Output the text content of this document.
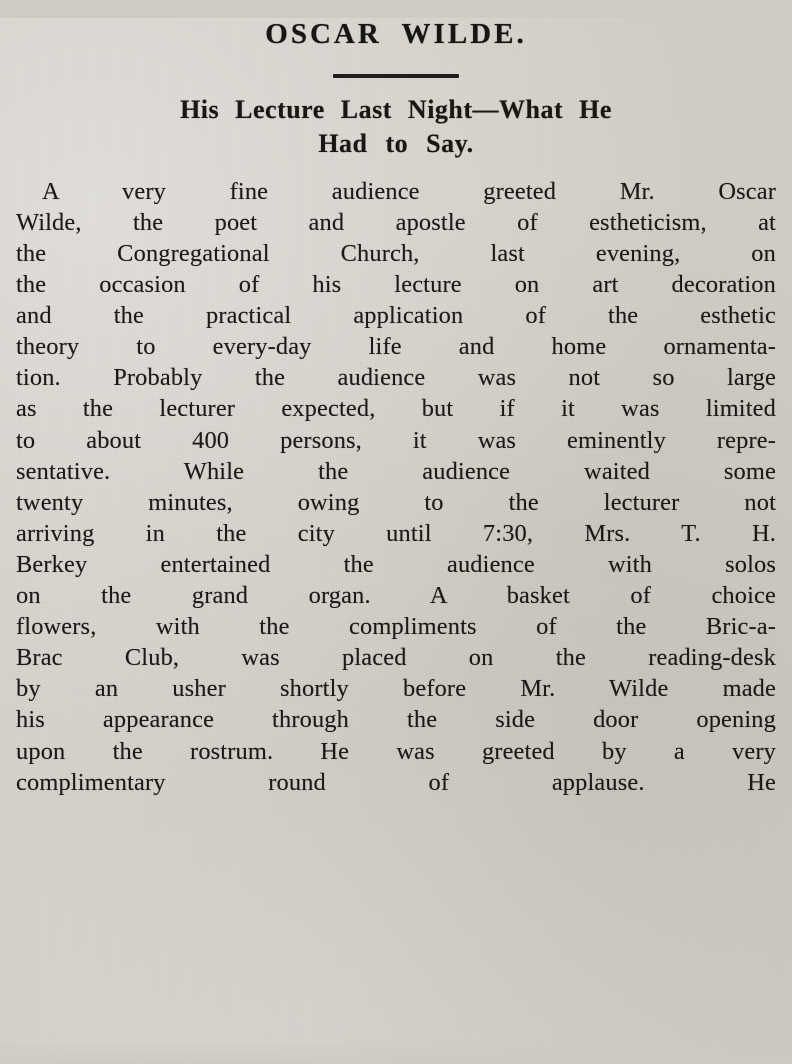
OSCAR WILDE.
His Lecture Last Night—What He
Had to Say.
A very fine audience greeted Mr. Oscar
Wilde, the poet and apostle of estheticism, at
the Congregational Church, last evening, on
the occasion of his lecture on art decoration
and the practical application of the esthetic
theory to every-day life and home ornamenta-
tion. Probably the audience was not so large
as the lecturer expected, but if it was limited
to about 400 persons, it was eminently repre-
sentative. While the audience waited some
twenty minutes, owing to the lecturer not
arriving in the city until 7:30, Mrs. T. H.
Berkey entertained the audience with solos
on the grand organ. A basket of choice
flowers, with the compliments of the Bric-a-
Brac Club, was placed on the reading-desk
by an usher shortly before Mr. Wilde made
his appearance through the side door opening
upon the rostrum. He was greeted by a very
complimentary round of applause. He
